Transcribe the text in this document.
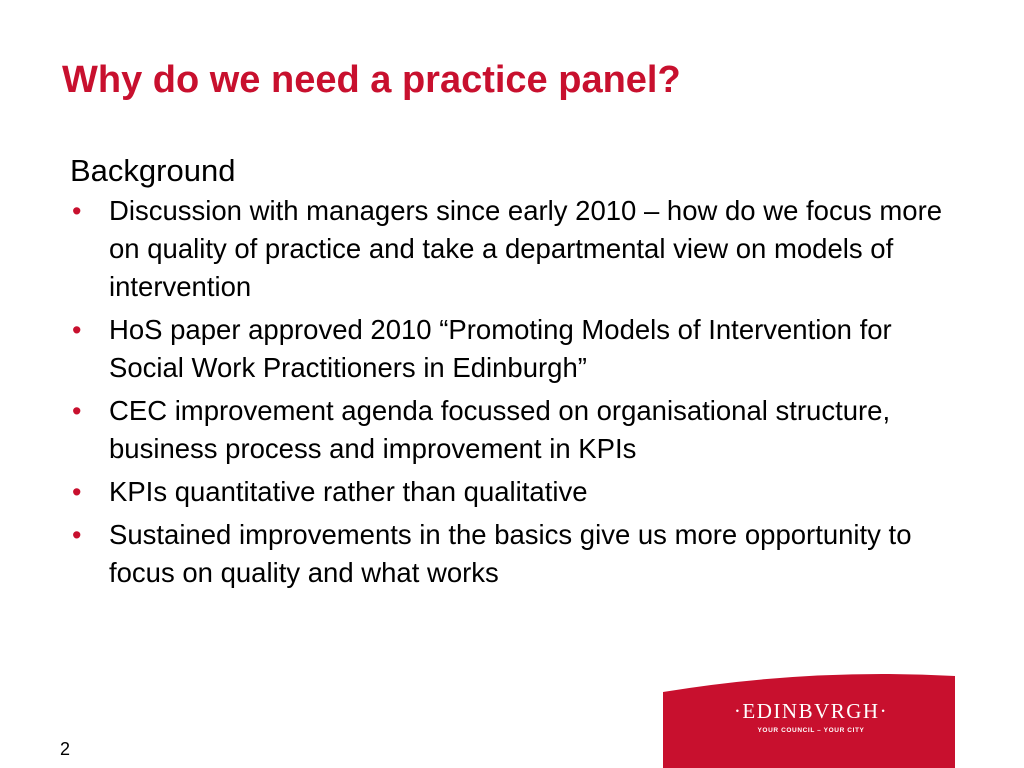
Why do we need a practice panel?
Background
• Discussion with managers since early 2010 – how do we focus more on quality of practice and take a departmental view on models of intervention
• HoS paper approved 2010 “Promoting Models of Intervention for Social Work Practitioners in Edinburgh”
• CEC improvement agenda focussed on organisational structure, business process and improvement in KPIs
• KPIs quantitative rather than qualitative
• Sustained improvements in the basics give us more opportunity to focus on quality and what works
2
·EDINBVRGH·
YOUR COUNCIL – YOUR CITY
